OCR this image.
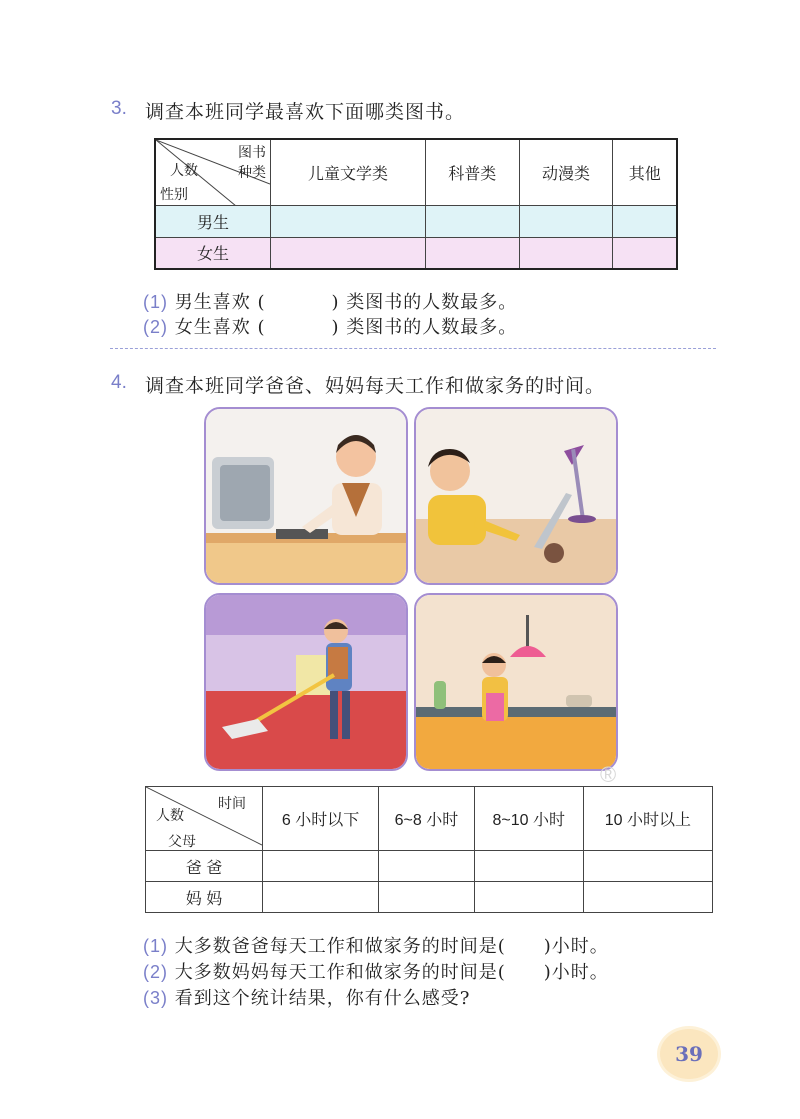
3. 调查本班同学最喜欢下面哪类图书。
图书
种类
人数
性别	儿童文学类	科普类	动漫类	其他
男生				
女生				
(1) 男生喜欢 (	) 类图书的人数最多。
(2) 女生喜欢 (	) 类图书的人数最多。
4. 调查本班同学爸爸、妈妈每天工作和做家务的时间。
®
时间
人数
父母	6 小时以下	6~8 小时	8~10 小时	10 小时以上
爸 爸				
妈 妈				
(1) 大多数爸爸每天工作和做家务的时间是( )小时。
(2) 大多数妈妈每天工作和做家务的时间是( )小时。
(3) 看到这个统计结果，你有什么感受?
39
